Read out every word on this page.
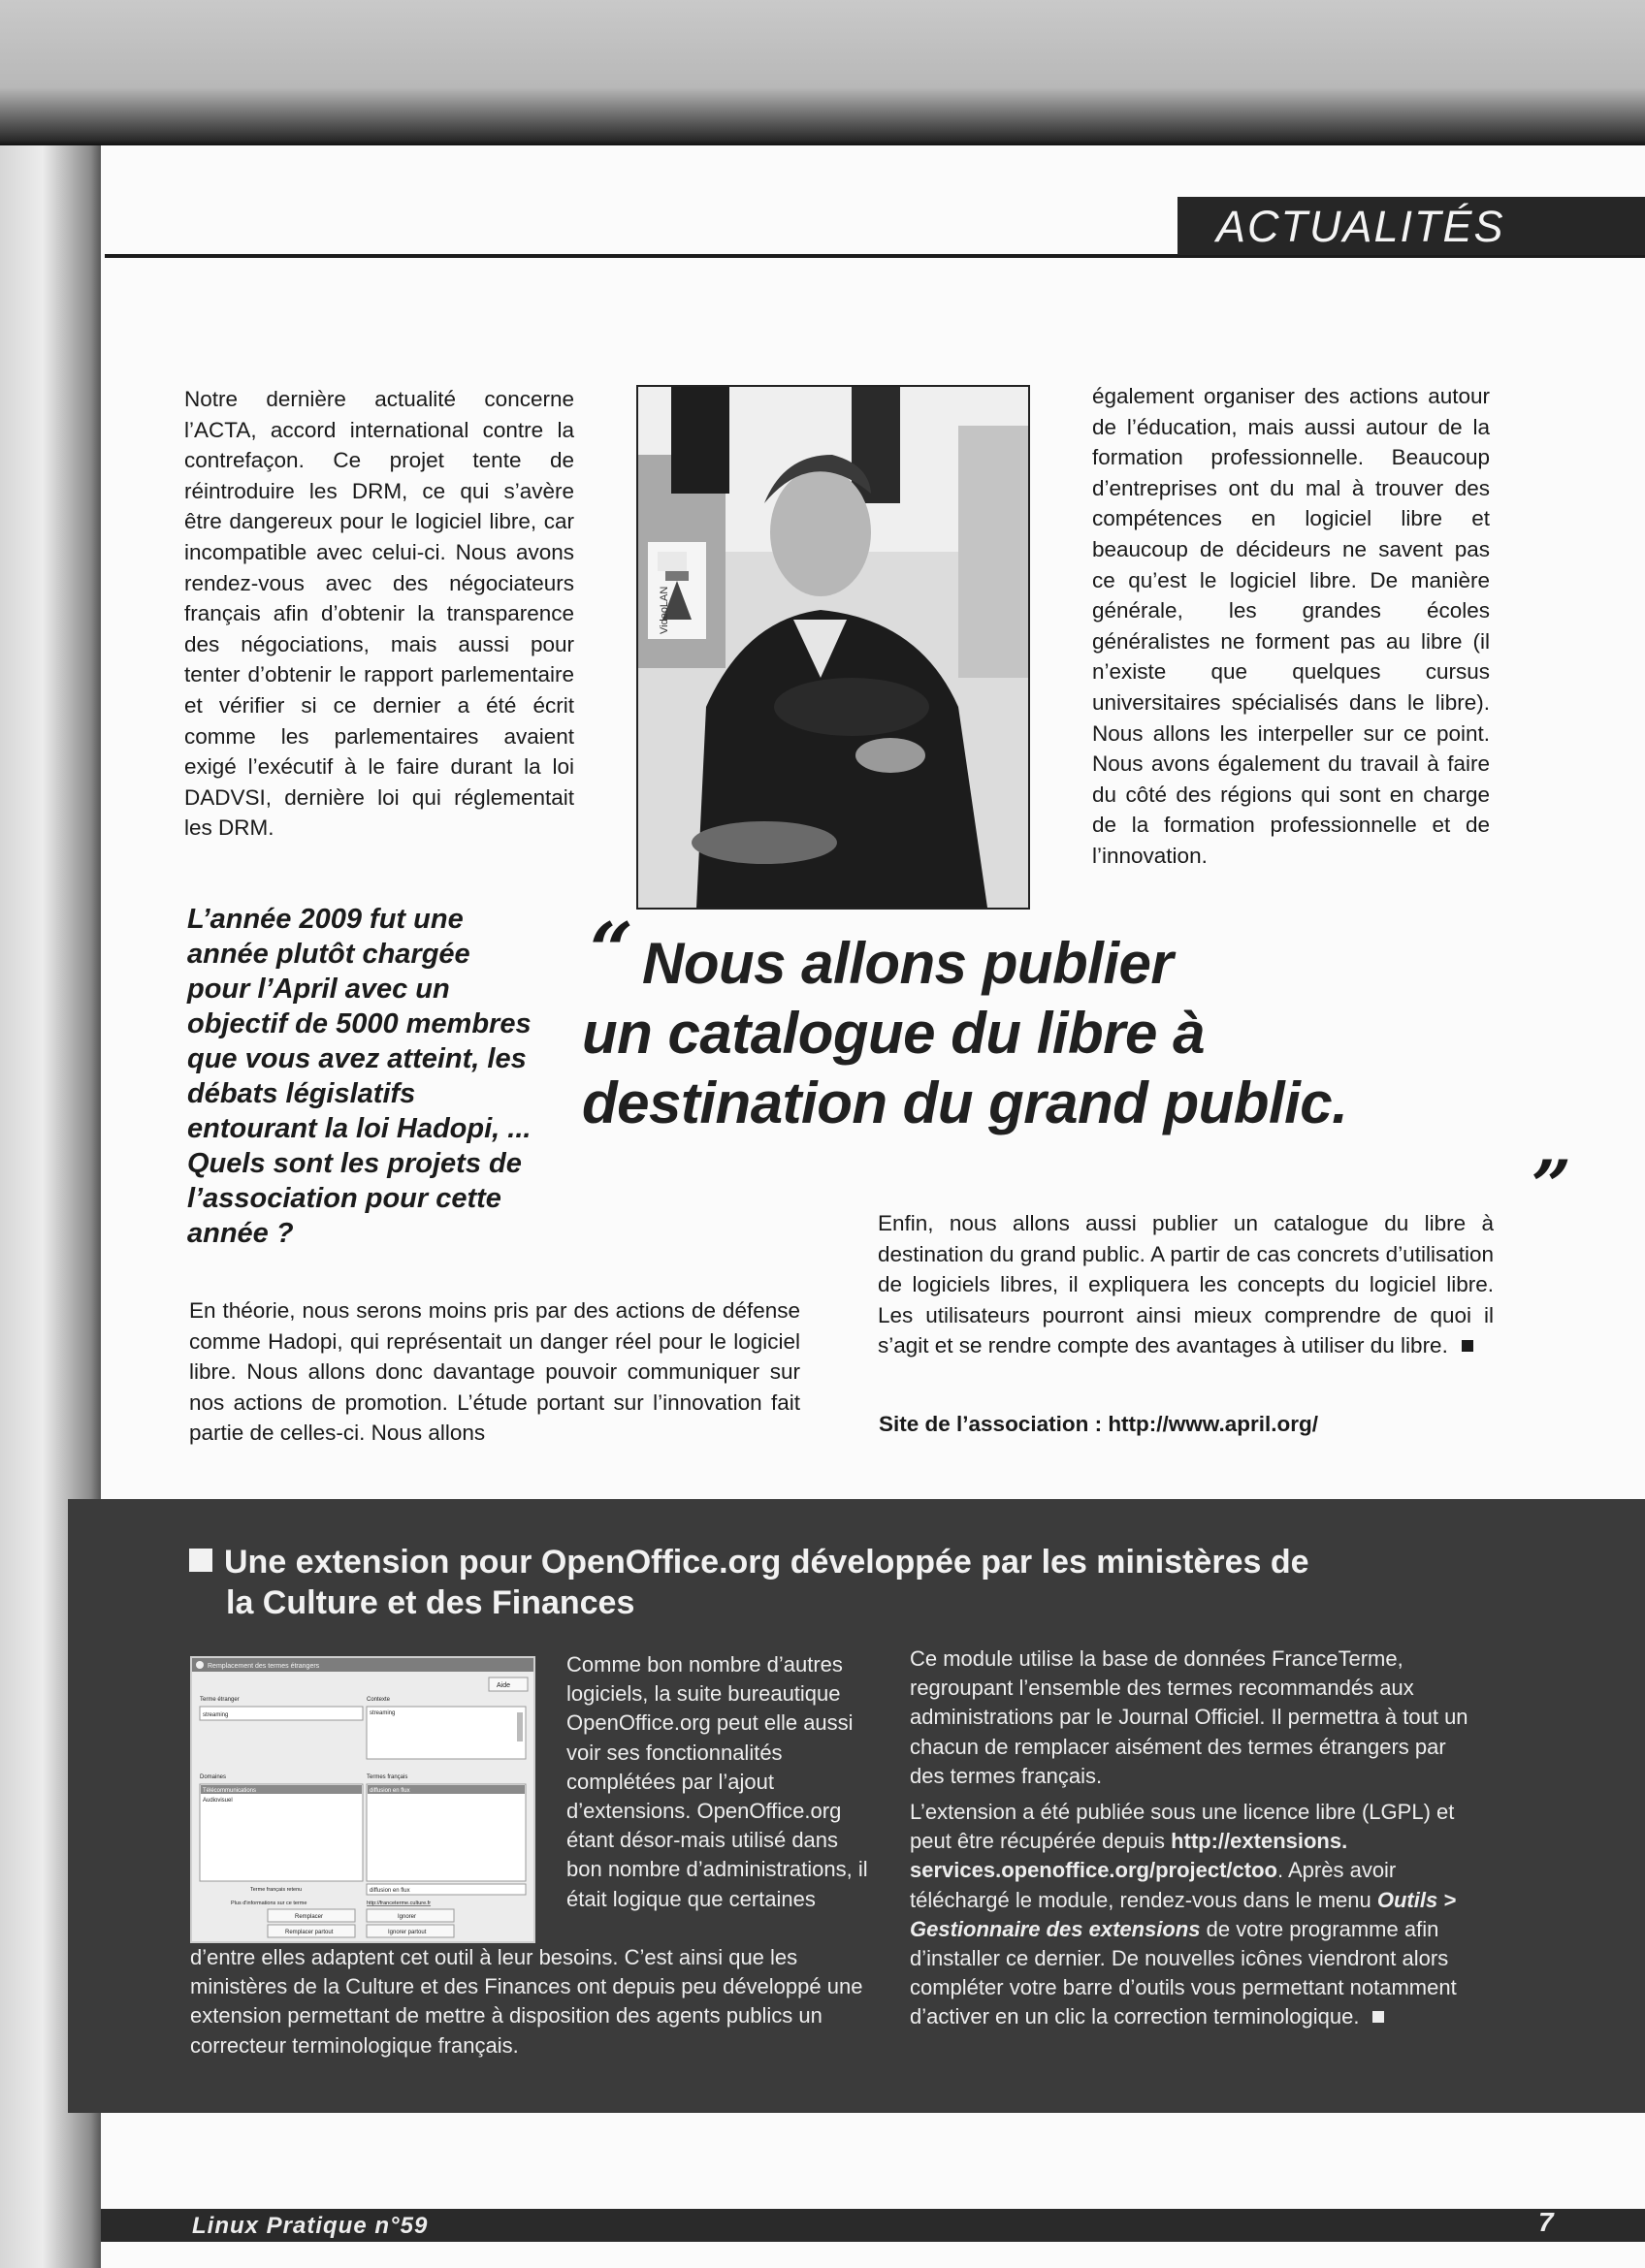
ACTUALITÉS

Notre dernière actualité concerne l’ACTA, accord international contre la contrefaçon. Ce projet tente de réintroduire les DRM, ce qui s’avère être dangereux pour le logiciel libre, car incompatible avec celui-ci. Nous avons rendez-vous avec des négociateurs français afin d’obtenir la transparence des négociations, mais aussi pour tenter d’obtenir le rapport parlementaire et vérifier si ce dernier a été écrit comme les parlementaires avaient exigé l’exécutif à le faire durant la loi DADVSI, dernière loi qui réglementait les DRM.

VideoLAN

également organiser des actions autour de l’éducation, mais aussi autour de la formation professionnelle. Beaucoup d’entreprises ont du mal à trouver des compétences en logiciel libre et beaucoup de décideurs ne savent pas ce qu’est le logiciel libre. De manière générale, les grandes écoles généralistes ne forment pas au libre (il n’existe que quelques cursus universitaires spécialisés dans le libre). Nous allons les interpeller sur ce point. Nous avons également du travail à faire du côté des régions qui sont en charge de la formation professionnelle et de l’innovation.

L’année 2009 fut une année plutôt chargée pour l’April avec un objectif de 5000 membres que vous avez atteint, les débats législatifs entourant la loi Hadopi, ... Quels sont les projets de l’association pour cette année ?
“ Nous allons publier
un catalogue du libre à
destination du grand public.
„

En théorie, nous serons moins pris par des actions de défense comme Hadopi, qui représentait un danger réel pour le logiciel libre. Nous allons donc davantage pouvoir communiquer sur nos actions de promotion. L’étude portant sur l’innovation fait partie de celles-ci. Nous allons

Enfin, nous allons aussi publier un catalogue du libre à destination du grand public. A partir de cas concrets d’utilisation de logiciels libres, il expliquera les concepts du logiciel libre. Les utilisateurs pourront ainsi mieux comprendre de quoi il s’agit et se rendre compte des avantages à utiliser du libre.

Site de l’association : http://www.april.org/
Une extension pour OpenOffice.org développée par les ministères de
la Culture et des Finances
Remplacement des termes étrangers
Aide
Terme étranger
streaming
Contexte
streaming
Domaines
Télécommunications
Audiovisuel
Termes français
diffusion en flux
Terme français retenu	diffusion en flux
Plus d'informations sur ce terme	http://franceterme.culture.fr
Remplacer	Ignorer
Remplacer partout	Ignorer partout

Comme bon nombre d’autres logiciels, la suite bureautique OpenOffice.org peut elle aussi voir ses fonctionnalités complétées par l’ajout d’extensions. OpenOffice.org étant désor-mais utilisé dans bon nombre d’administrations, il était logique que certaines

d’entre elles adaptent cet outil à leur besoins. C’est ainsi que les ministères de la Culture et des Finances ont depuis peu développé une extension permettant de mettre à disposition des agents publics un correcteur terminologique français.

Ce module utilise la base de données FranceTerme, regroupant l’ensemble des termes recommandés aux administrations par le Journal Officiel. Il permettra à tout un chacun de remplacer aisément des termes étrangers par des termes français.

L’extension a été publiée sous une licence libre (LGPL) et peut être récupérée depuis http://extensions. services.openoffice.org/project/ctoo. Après avoir téléchargé le module, rendez-vous dans le menu Outils > Gestionnaire des extensions de votre programme afin d’installer ce dernier. De nouvelles icônes viendront alors compléter votre barre d’outils vous permettant notamment d’activer en un clic la correction terminologique.

Linux Pratique n°59	7
